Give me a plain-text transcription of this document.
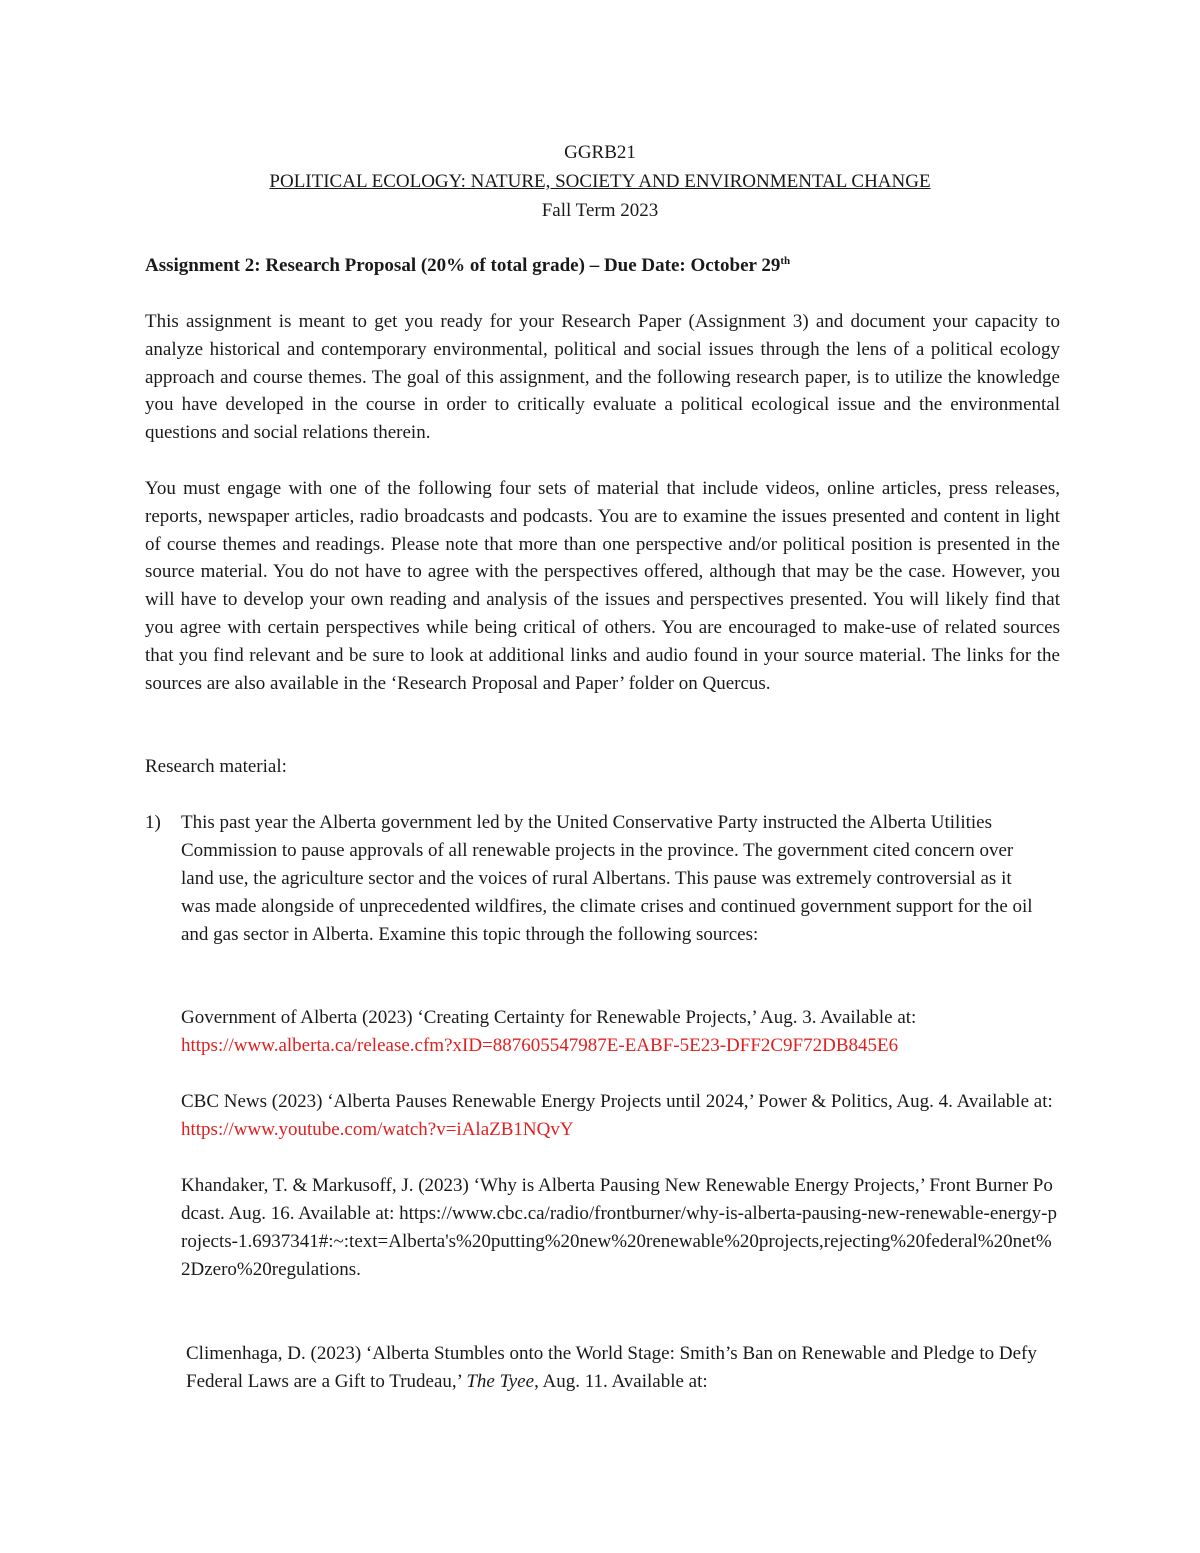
GGRB21
POLITICAL ECOLOGY: NATURE, SOCIETY AND ENVIRONMENTAL CHANGE
Fall Term 2023
Assignment 2: Research Proposal (20% of total grade) – Due Date: October 29th

This assignment is meant to get you ready for your Research Paper (Assignment 3) and document your capacity to analyze historical and contemporary environmental, political and social issues through the lens of a political ecology approach and course themes. The goal of this assignment, and the following research paper, is to utilize the knowledge you have developed in the course in order to critically evaluate a political ecological issue and the environmental questions and social relations therein.

You must engage with one of the following four sets of material that include videos, online articles, press releases, reports, newspaper articles, radio broadcasts and podcasts. You are to examine the issues presented and content in light of course themes and readings. Please note that more than one perspective and/or political position is presented in the source material. You do not have to agree with the perspectives offered, although that may be the case. However, you will have to develop your own reading and analysis of the issues and perspectives presented. You will likely find that you agree with certain perspectives while being critical of others. You are encouraged to make-use of related sources that you find relevant and be sure to look at additional links and audio found in your source material. The links for the sources are also available in the ‘Research Proposal and Paper’ folder on Quercus.

Research material:
1) This past year the Alberta government led by the United Conservative Party instructed the Alberta Utilities Commission to pause approvals of all renewable projects in the province. The government cited concern over land use, the agriculture sector and the voices of rural Albertans. This pause was extremely controversial as it was made alongside of unprecedented wildfires, the climate crises and continued government support for the oil and gas sector in Alberta. Examine this topic through the following sources:

Government of Alberta (2023) ‘Creating Certainty for Renewable Projects,’ Aug. 3. Available at: https://www.alberta.ca/release.cfm?xID=887605547987E-EABF-5E23-DFF2C9F72DB845E6

CBC News (2023) ‘Alberta Pauses Renewable Energy Projects until 2024,’ Power & Politics, Aug. 4. Available at: https://www.youtube.com/watch?v=iAlaZB1NQvY

Khandaker, T. & Markusoff, J. (2023) ‘Why is Alberta Pausing New Renewable Energy Projects,’ Front Burner Podcast. Aug. 16. Available at: https://www.cbc.ca/radio/frontburner/why-is-alberta-pausing-new-renewable-energy-projects-1.6937341#:~:text=Alberta's%20putting%20new%20renewable%20projects,rejecting%20federal%20net%2Dzero%20regulations.

Climenhaga, D. (2023) ‘Alberta Stumbles onto the World Stage: Smith’s Ban on Renewable and Pledge to Defy Federal Laws are a Gift to Trudeau,’ The Tyee, Aug. 11. Available at:
